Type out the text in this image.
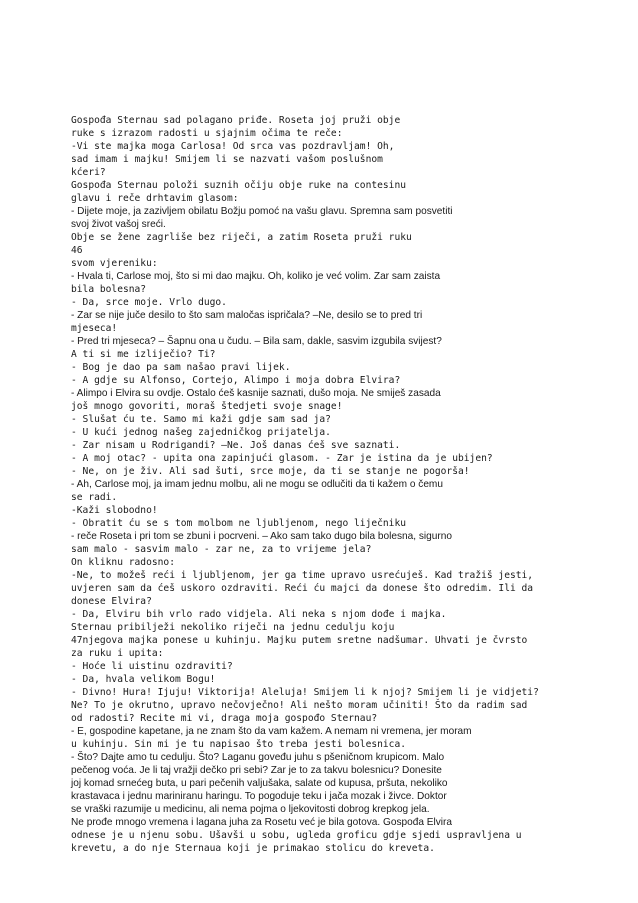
Gospođa Sternau sad polagano priđe. Roseta joj pruži obje
ruke s izrazom radosti u sjajnim očima te reče:
-Vi ste majka moga Carlosa! Od srca vas pozdravljam! Oh,
sad imam i majku! Smijem li se nazvati vašom poslušnom
kćeri?
Gospođa Sternau položi suznih očiju obje ruke na contesinu
glavu i reče drhtavim glasom:
- Dijete moje, ja zazivljem obilatu Božju pomoć na vašu glavu. Spremna sam posvetiti
svoj život vašoj sreći.
Obje se žene zagrliše bez riječi, a zatim Roseta pruži ruku
46
svom vjereniku:
- Hvala ti, Carlose moj, što si mi dao majku. Oh, koliko je već volim. Zar sam zaista
bila bolesna?
- Da, srce moje. Vrlo dugo.
- Zar se nije juče desilo to što sam maločas ispričala? –Ne, desilo se to pred tri
mjeseca!
- Pred tri mjeseca? – Šapnu ona u čudu. – Bila sam, dakle, sasvim izgubila svijest?
A ti si me izliječio? Ti?
- Bog je dao pa sam našao pravi lijek.
- A gdje su Alfonso, Cortejo, Alimpo i moja dobra Elvira?
- Alimpo i Elvira su ovdje. Ostalo ćeš kasnije saznati, dušo moja. Ne smiješ zasada
još mnogo govoriti, moraš štedjeti svoje snage!
- Slušat ću te. Samo mi kaži gdje sam sad ja?
- U kući jednog našeg zajedničkog prijatelja.
- Zar nisam u Rodrigandi? –Ne. Još danas ćeš sve saznati.
- A moj otac? - upita ona zapinjući glasom. - Zar je istina da je ubijen?
- Ne, on je živ. Ali sad šuti, srce moje, da ti se stanje ne pogorša!
- Ah, Carlose moj, ja imam jednu molbu, ali ne mogu se odlučiti da ti kažem o čemu
se radi.
-Kaži slobodno!
- Obratit ću se s tom molbom ne ljubljenom, nego liječniku
- reče Roseta i pri tom se zbuni i pocrveni. – Ako sam tako dugo bila bolesna, sigurno
sam malo - sasvim malo - zar ne, za to vrijeme jela?
On kliknu radosno:
-Ne, to možeš reći i ljubljenom, jer ga time upravo usrećuješ. Kad tražiš jesti,
uvjeren sam da ćeš uskoro ozdraviti. Reći ću majci da donese što odredim. Ili da
donese Elvira?
- Da, Elviru bih vrlo rado vidjela. Ali neka s njom dođe i majka.
Sternau pribilježi nekoliko riječi na jednu cedulju koju
47njegova majka ponese u kuhinju. Majku putem sretne nadšumar. Uhvati je čvrsto
za ruku i upita:
- Hoće li uistinu ozdraviti?
- Da, hvala velikom Bogu!
- Divno! Hura! Ijuju! Viktorija! Aleluja! Smijem li k njoj? Smijem li je vidjeti?
Ne? To je okrutno, upravo nečovječno! Ali nešto moram učiniti! Što da radim sad
od radosti? Recite mi vi, draga moja gospođo Sternau?
- E, gospodine kapetane, ja ne znam što da vam kažem. A nemam ni vremena, jer moram
u kuhinju. Sin mi je tu napisao što treba jesti bolesnica.
- Što? Dajte amo tu cedulju. Što? Laganu goveđu juhu s pšeničnom krupicom. Malo
pečenog voća. Je li taj vražji dečko pri sebi? Zar je to za takvu bolesnicu? Donesite
joj komad srnećeg buta, u pari pečenih valjušaka, salate od kupusa, pršuta, nekoliko
krastavaca i jednu mariniranu haringu. To pogoduje teku i jača mozak i živce. Doktor
se vraški razumije u medicinu, ali nema pojma o ljekovitosti dobrog krepkog jela.
Ne prođe mnogo vremena i lagana juha za Rosetu već je bila gotova. Gospođa Elvira
odnese je u njenu sobu. Ušavši u sobu, ugleda groficu gdje sjedi uspravljena u
krevetu, a do nje Sternaua koji je primakao stolicu do kreveta.
